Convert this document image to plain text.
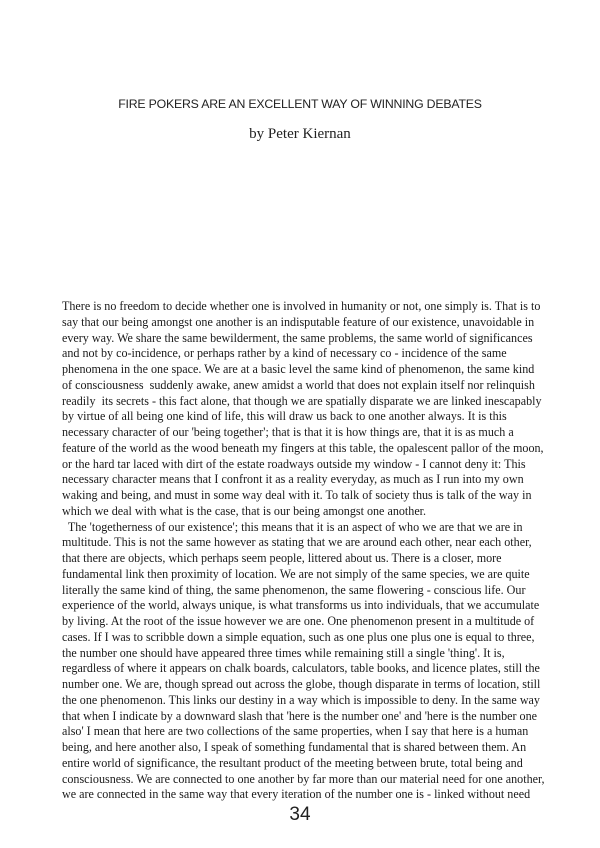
FIRE POKERS ARE AN EXCELLENT WAY OF WINNING DEBATES
by Peter Kiernan
There is no freedom to decide whether one is involved in humanity or not, one simply is. That is to
say that our being amongst one another is an indisputable feature of our existence, unavoidable in
every way. We share the same bewilderment, the same problems, the same world of significances
and not by co-incidence, or perhaps rather by a kind of necessary co - incidence of the same
phenomena in the one space. We are at a basic level the same kind of phenomenon, the same kind
of consciousness  suddenly awake, anew amidst a world that does not explain itself nor relinquish
readily  its secrets - this fact alone, that though we are spatially disparate we are linked inescapably
by virtue of all being one kind of life, this will draw us back to one another always. It is this
necessary character of our 'being together'; that is that it is how things are, that it is as much a
feature of the world as the wood beneath my fingers at this table, the opalescent pallor of the moon,
or the hard tar laced with dirt of the estate roadways outside my window - I cannot deny it: This
necessary character means that I confront it as a reality everyday, as much as I run into my own
waking and being, and must in some way deal with it. To talk of society thus is talk of the way in
which we deal with what is the case, that is our being amongst one another.
The 'togetherness of our existence'; this means that it is an aspect of who we are that we are in
multitude. This is not the same however as stating that we are around each other, near each other,
that there are objects, which perhaps seem people, littered about us. There is a closer, more
fundamental link then proximity of location. We are not simply of the same species, we are quite
literally the same kind of thing, the same phenomenon, the same flowering - conscious life. Our
experience of the world, always unique, is what transforms us into individuals, that we accumulate
by living. At the root of the issue however we are one. One phenomenon present in a multitude of
cases. If I was to scribble down a simple equation, such as one plus one plus one is equal to three,
the number one should have appeared three times while remaining still a single 'thing'. It is,
regardless of where it appears on chalk boards, calculators, table books, and licence plates, still the
number one. We are, though spread out across the globe, though disparate in terms of location, still
the one phenomenon. This links our destiny in a way which is impossible to deny. In the same way
that when I indicate by a downward slash that 'here is the number one' and 'here is the number one
also' I mean that here are two collections of the same properties, when I say that here is a human
being, and here another also, I speak of something fundamental that is shared between them. An
entire world of significance, the resultant product of the meeting between brute, total being and
consciousness. We are connected to one another by far more than our material need for one another,
we are connected in the same way that every iteration of the number one is - linked without need
34
